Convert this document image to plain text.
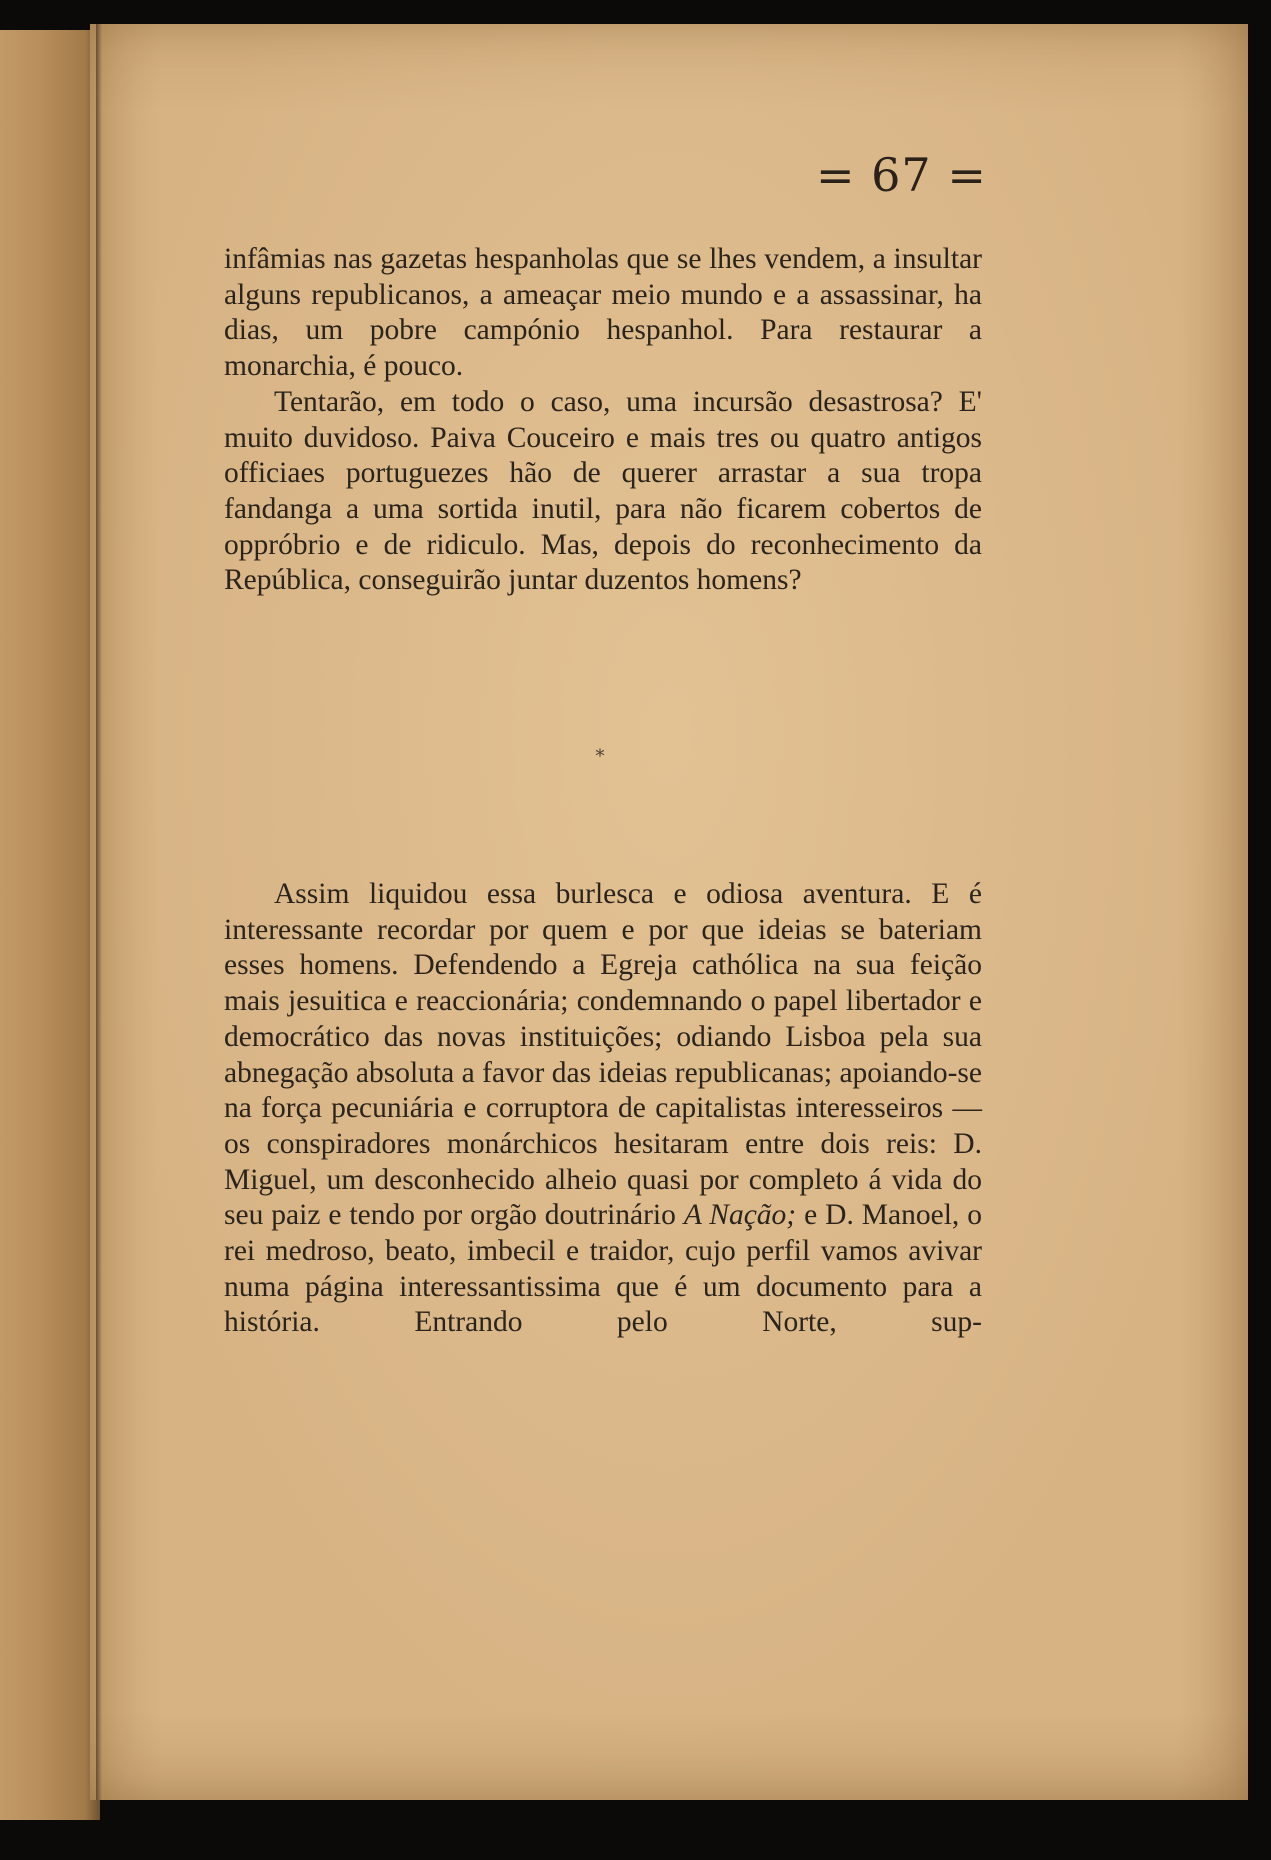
= 67 =

infâmias nas gazetas hespanholas que se lhes vendem, a insultar alguns republicanos, a ameaçar meio mundo e a assassinar, ha dias, um pobre campónio hespanhol. Para restaurar a monarchia, é pouco.

Tentarão, em todo o caso, uma incursão desastrosa? E' muito duvidoso. Paiva Couceiro e mais tres ou quatro antigos officiaes portuguezes hão de querer arrastar a sua tropa fandanga a uma sortida inutil, para não ficarem cobertos de oppróbrio e de ridiculo. Mas, depois do reconhecimento da República, conseguirão juntar duzentos homens?

*

Assim liquidou essa burlesca e odiosa aventura. E é interessante recordar por quem e por que ideias se bateriam esses homens. Defendendo a Egreja cathólica na sua feição mais jesuitica e reaccionária; condemnando o papel libertador e democrático das novas instituições; odiando Lisboa pela sua abnegação absoluta a favor das ideias republicanas; apoiando-se na força pecuniária e corruptora de capitalistas interesseiros — os conspiradores monárchicos hesitaram entre dois reis: D. Miguel, um desconhecido alheio quasi por completo á vida do seu paiz e tendo por orgão doutrinário A Nação; e D. Manoel, o rei medroso, beato, imbecil e traidor, cujo perfil vamos avivar numa página interessantissima que é um documento para a história. Entrando pelo Norte, sup-
